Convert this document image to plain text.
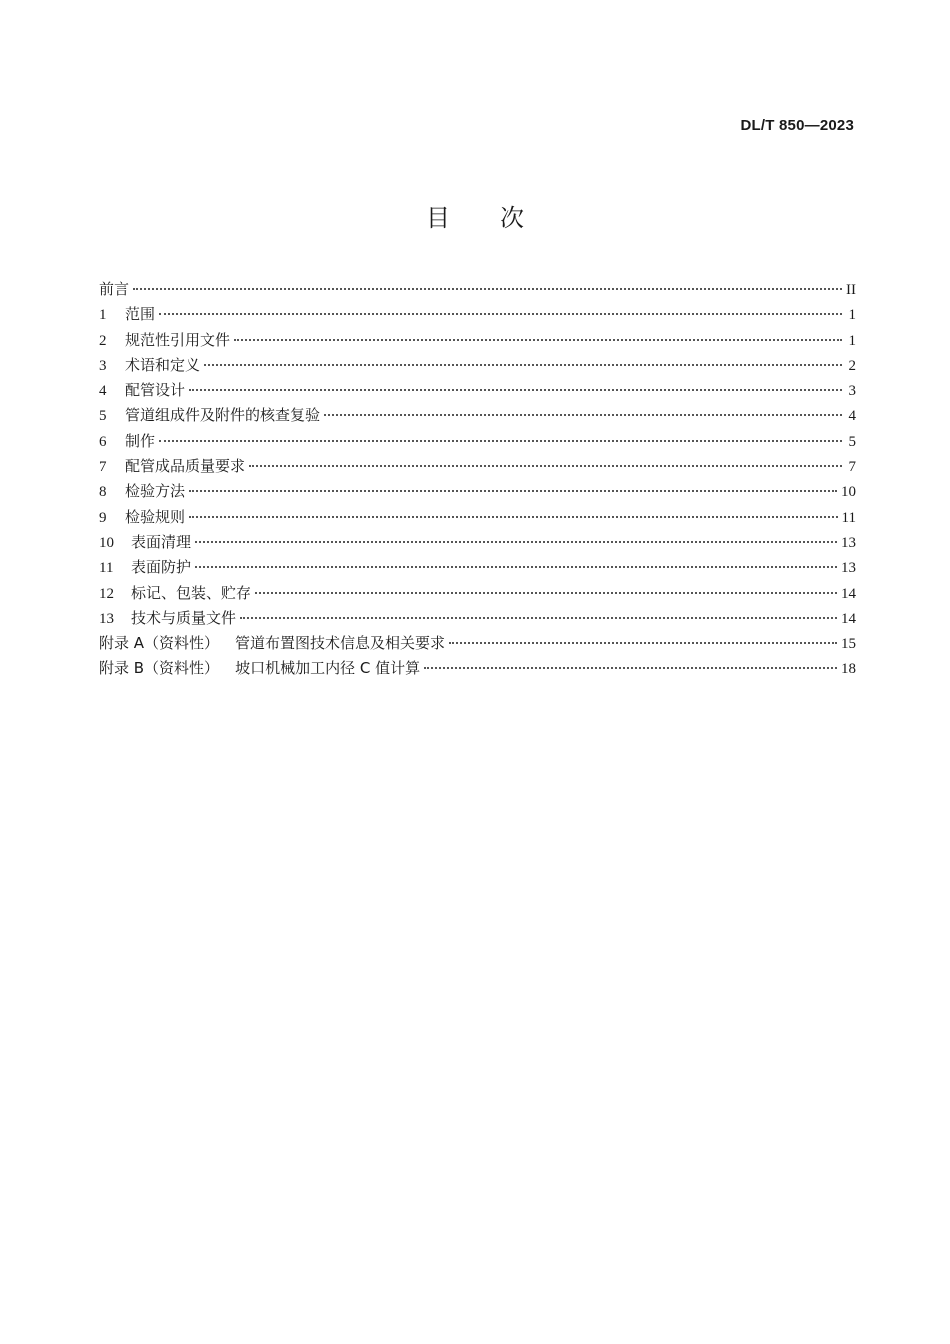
DL/T 850—2023
目 次
前言	II
1	范围	1
2	规范性引用文件	1
3	术语和定义	2
4	配管设计	3
5	管道组成件及附件的核查复验	4
6	制作	5
7	配管成品质量要求	7
8	检验方法	10
9	检验规则	11
10	表面清理	13
11	表面防护	13
12	标记、包装、贮存	14
13	技术与质量文件	14
附录 A（资料性） 管道布置图技术信息及相关要求	15
附录 B（资料性） 坡口机械加工内径 C 值计算	18
